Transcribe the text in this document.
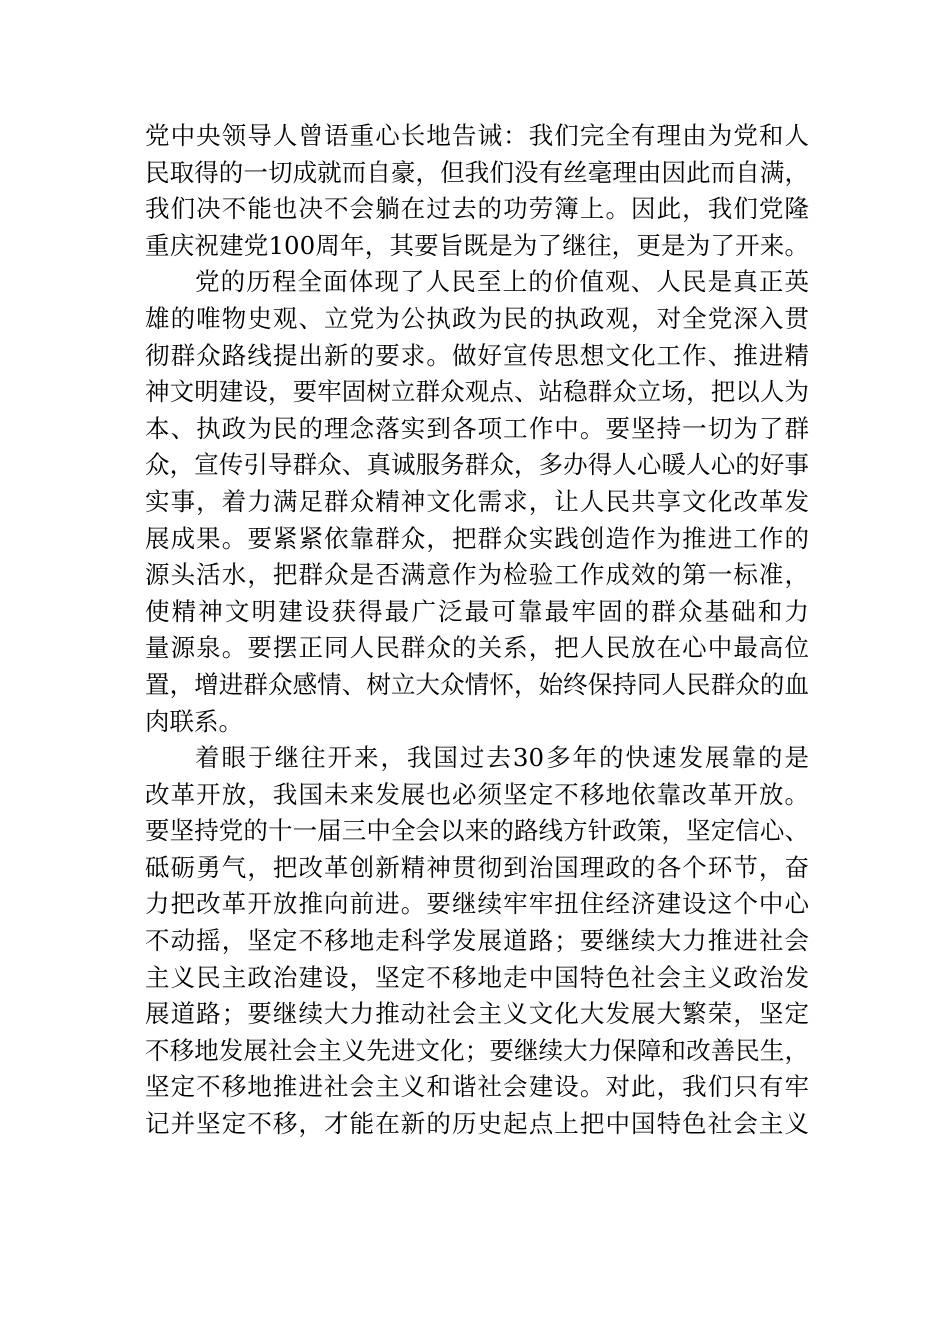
党中央领导人曾语重心长地告诫：我们完全有理由为党和人
民取得的一切成就而自豪，但我们没有丝毫理由因此而自满，
我们决不能也决不会躺在过去的功劳簿上。因此，我们党隆
重庆祝建党100周年，其要旨既是为了继往，更是为了开来。
党的历程全面体现了人民至上的价值观、人民是真正英
雄的唯物史观、立党为公执政为民的执政观，对全党深入贯
彻群众路线提出新的要求。做好宣传思想文化工作、推进精
神文明建设，要牢固树立群众观点、站稳群众立场，把以人为
本、执政为民的理念落实到各项工作中。要坚持一切为了群
众，宣传引导群众、真诚服务群众，多办得人心暖人心的好事
实事，着力满足群众精神文化需求，让人民共享文化改革发
展成果。要紧紧依靠群众，把群众实践创造作为推进工作的
源头活水，把群众是否满意作为检验工作成效的第一标准，
使精神文明建设获得最广泛最可靠最牢固的群众基础和力
量源泉。要摆正同人民群众的关系，把人民放在心中最高位
置，增进群众感情、树立大众情怀，始终保持同人民群众的血
肉联系。
着眼于继往开来，我国过去30多年的快速发展靠的是
改革开放，我国未来发展也必须坚定不移地依靠改革开放。
要坚持党的十一届三中全会以来的路线方针政策，坚定信心、
砥砺勇气，把改革创新精神贯彻到治国理政的各个环节，奋
力把改革开放推向前进。要继续牢牢扭住经济建设这个中心
不动摇，坚定不移地走科学发展道路；要继续大力推进社会
主义民主政治建设，坚定不移地走中国特色社会主义政治发
展道路；要继续大力推动社会主义文化大发展大繁荣，坚定
不移地发展社会主义先进文化；要继续大力保障和改善民生，
坚定不移地推进社会主义和谐社会建设。对此，我们只有牢
记并坚定不移，才能在新的历史起点上把中国特色社会主义
